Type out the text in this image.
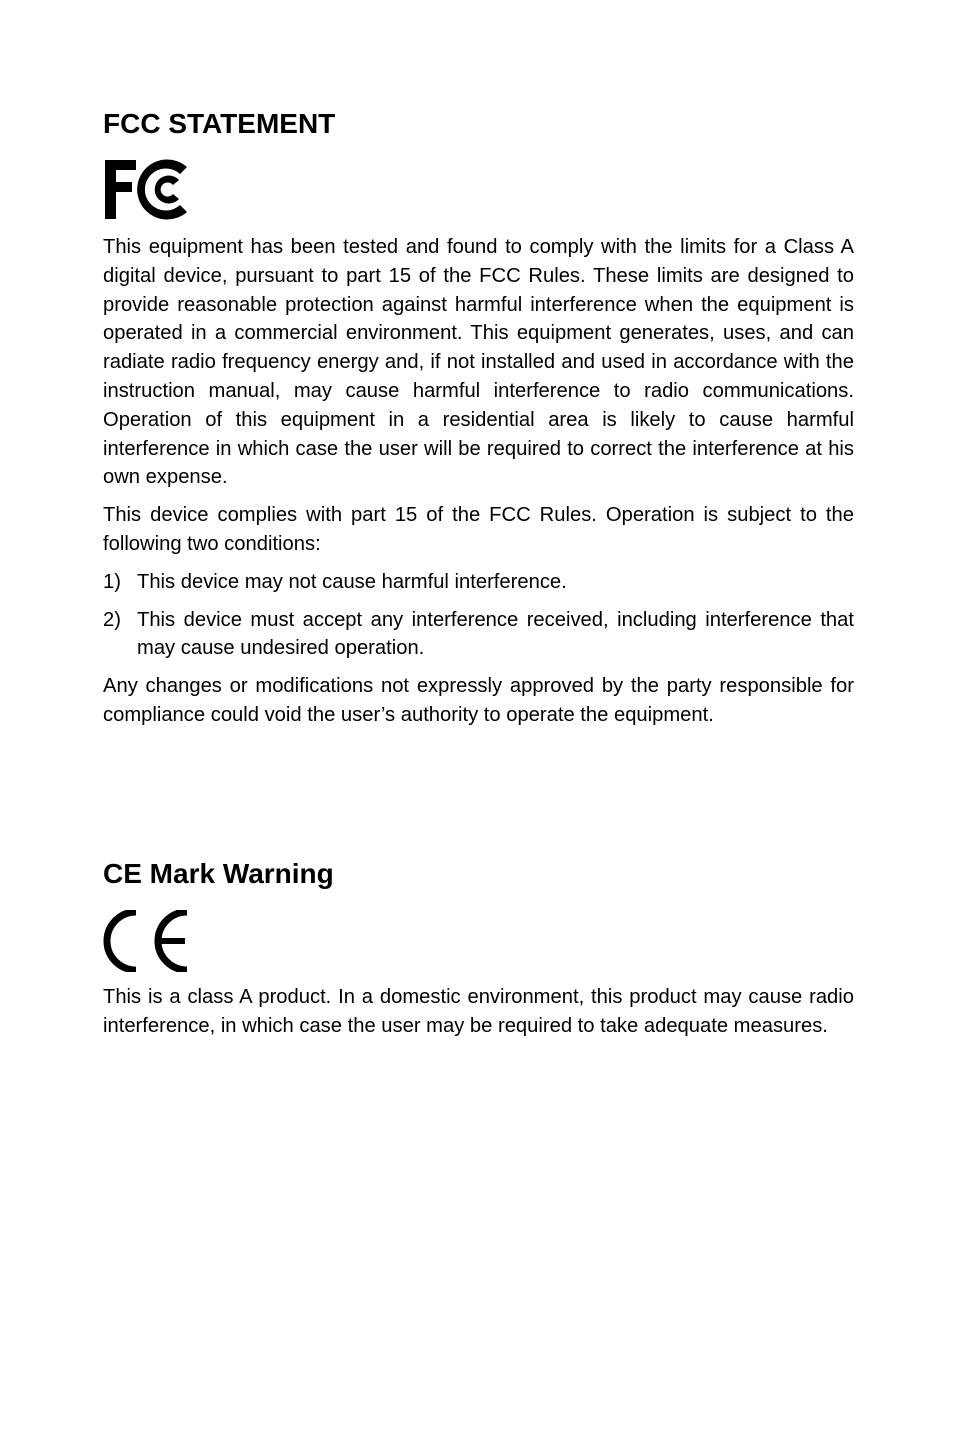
FCC STATEMENT

This equipment has been tested and found to comply with the limits for a Class A digital device, pursuant to part 15 of the FCC Rules. These limits are designed to provide reasonable protection against harmful interference when the equipment is operated in a commercial environment. This equipment generates, uses, and can radiate radio frequency energy and, if not installed and used in accordance with the instruction manual, may cause harmful interference to radio communications. Operation of this equipment in a residential area is likely to cause harmful interference in which case the user will be required to correct the interference at his own expense.

This device complies with part 15 of the FCC Rules. Operation is subject to the following two conditions:

1) This device may not cause harmful interference.
2) This device must accept any interference received, including interference that may cause undesired operation.

Any changes or modifications not expressly approved by the party responsible for compliance could void the user’s authority to operate the equipment.

CE Mark Warning

This is a class A product. In a domestic environment, this product may cause radio interference, in which case the user may be required to take adequate measures.
